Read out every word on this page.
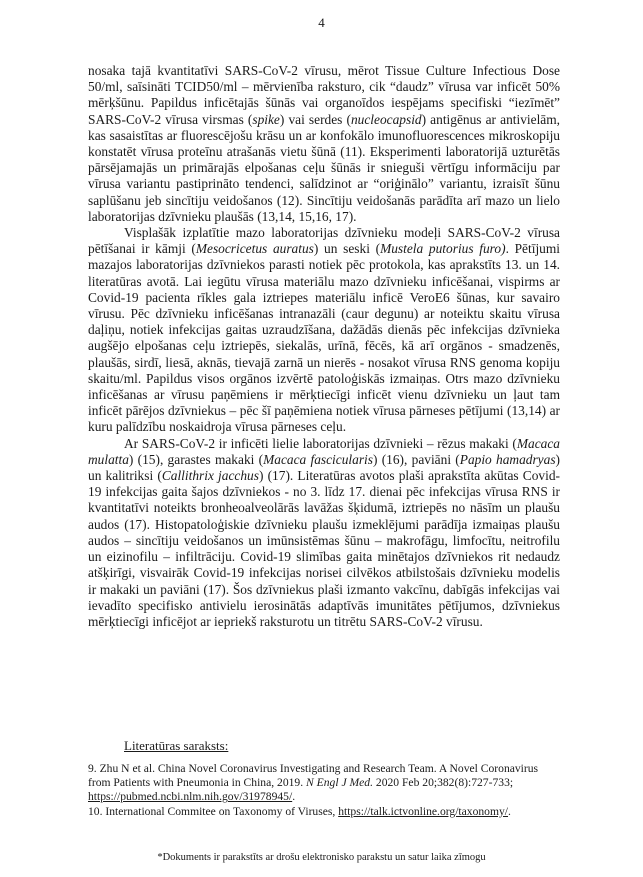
4

nosaka tajā kvantitatīvi SARS-CoV-2 vīrusu, mērot Tissue Culture Infectious Dose 50/ml, saīsināti TCID50/ml – mērvienība raksturo, cik “daudz” vīrusa var inficēt 50% mērķšūnu. Papildus inficētajās šūnās vai organoīdos iespējams specifiski “iezīmēt” SARS-CoV-2 vīrusa virsmas (spike) vai serdes (nucleocapsid) antigēnus ar antivielām, kas sasaistītas ar fluorescējošu krāsu un ar konfokālo imunofluorescences mikroskopiju konstatēt vīrusa proteīnu atrašanās vietu šūnā (11). Eksperimenti laboratorijā uzturētās pārsējamajās un primārajās elpošanas ceļu šūnās ir snieguši vērtīgu informāciju par vīrusa variantu pastiprināto tendenci, salīdzinot ar “oriģinālo” variantu, izraisīt šūnu saplūšanu jeb sincītiju veidošanos (12). Sincītiju veidošanās parādīta arī mazo un lielo laboratorijas dzīvnieku plaušās (13,14, 15,16, 17).

Visplašāk izplatītie mazo laboratorijas dzīvnieku modeļi SARS-CoV-2 vīrusa pētīšanai ir kāmji (Mesocricetus auratus) un seski (Mustela putorius furo). Pētījumi mazajos laboratorijas dzīvniekos parasti notiek pēc protokola, kas aprakstīts 13. un 14. literatūras avotā. Lai iegūtu vīrusa materiālu mazo dzīvnieku inficēšanai, vispirms ar Covid-19 pacienta rīkles gala iztriepes materiālu inficē VeroE6 šūnas, kur savairo vīrusu. Pēc dzīvnieku inficēšanas intranazāli (caur degunu) ar noteiktu skaitu vīrusa daļiņu, notiek infekcijas gaitas uzraudzīšana, dažādās dienās pēc infekcijas dzīvnieka augšējo elpošanas ceļu iztriepēs, siekalās, urīnā, fēcēs, kā arī orgānos - smadzenēs, plaušās, sirdī, liesā, aknās, tievajā zarnā un nierēs - nosakot vīrusa RNS genoma kopiju skaitu/ml. Papildus visos orgānos izvērtē patoloģiskās izmaiņas. Otrs mazo dzīvnieku inficēšanas ar vīrusu paņēmiens ir mērķtiecīgi inficēt vienu dzīvnieku un ļaut tam inficēt pārējos dzīvniekus – pēc šī paņēmiena notiek vīrusa pārneses pētījumi (13,14) ar kuru palīdzību noskaidroja vīrusa pārneses ceļu.

Ar SARS-CoV-2 ir inficēti lielie laboratorijas dzīvnieki – rēzus makaki (Macaca mulatta) (15), garastes makaki (Macaca fascicularis) (16), paviāni (Papio hamadryas) un kalitriksi (Callithrix jacchus) (17). Literatūras avotos plaši aprakstīta akūtas Covid-19 infekcijas gaita šajos dzīvniekos - no 3. līdz 17. dienai pēc infekcijas vīrusa RNS ir kvantitatīvi noteikts bronheoalveolārās lavāžas šķidumā, iztriepēs no nāsīm un plaušu audos (17). Histopatoloģiskie dzīvnieku plaušu izmeklējumi parādīja izmaiņas plaušu audos – sincītiju veidošanos un imūnsistēmas šūnu – makrofāgu, limfocītu, neitrofilu un eizinofilu – infiltrāciju. Covid-19 slimības gaita minētajos dzīvniekos rit nedaudz atšķirīgi, visvairāk Covid-19 infekcijas norisei cilvēkos atbilstošais dzīvnieku modelis ir makaki un paviāni (17). Šos dzīvniekus plaši izmanto vakcīnu, dabīgās infekcijas vai ievadīto specifisko antivielu ierosinātās adaptīvās imunitātes pētījumos, dzīvniekus mērķtiecīgi inficējot ar iepriekš raksturotu un titrētu SARS-CoV-2 vīrusu.

Literatūras saraksts:

9. Zhu N et al. China Novel Coronavirus Investigating and Research Team. A Novel Coronavirus from Patients with Pneumonia in China, 2019. N Engl J Med. 2020 Feb 20;382(8):727-733; https://pubmed.ncbi.nlm.nih.gov/31978945/.

10. International Commitee on Taxonomy of Viruses, https://talk.ictvonline.org/taxonomy/.

*Dokuments ir parakstīts ar drošu elektronisko parakstu un satur laika zīmogu
